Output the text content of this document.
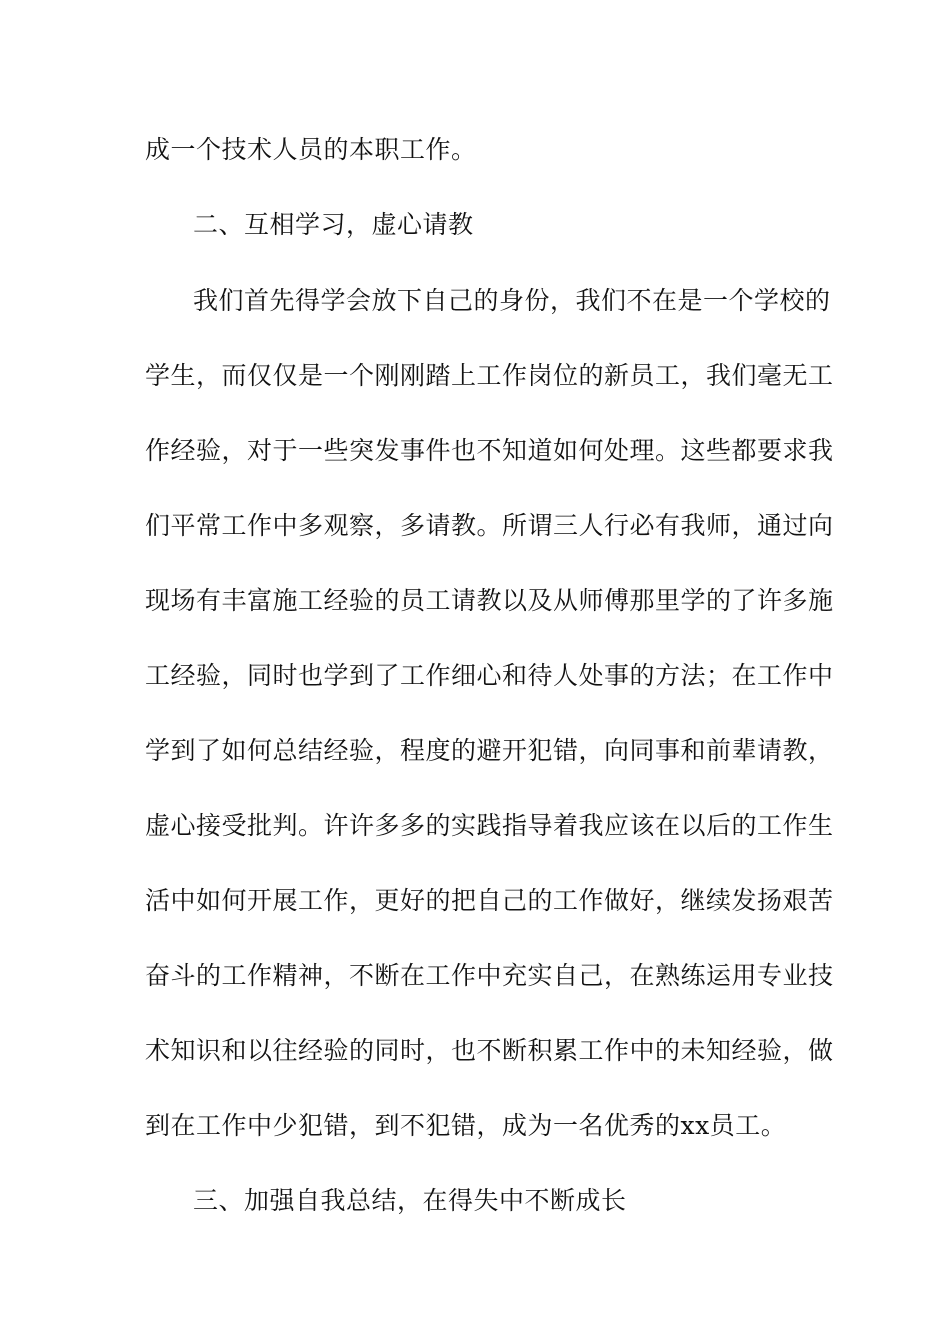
成一个技术人员的本职工作。
二、互相学习，虚心请教
我们首先得学会放下自己的身份，我们不在是一个学校的
学生，而仅仅是一个刚刚踏上工作岗位的新员工，我们毫无工
作经验，对于一些突发事件也不知道如何处理。这些都要求我
们平常工作中多观察，多请教。所谓三人行必有我师，通过向
现场有丰富施工经验的员工请教以及从师傅那里学的了许多施
工经验，同时也学到了工作细心和待人处事的方法；在工作中
学到了如何总结经验，程度的避开犯错，向同事和前辈请教，
虚心接受批判。许许多多的实践指导着我应该在以后的工作生
活中如何开展工作，更好的把自己的工作做好，继续发扬艰苦
奋斗的工作精神，不断在工作中充实自己，在熟练运用专业技
术知识和以往经验的同时，也不断积累工作中的未知经验，做
到在工作中少犯错，到不犯错，成为一名优秀的xx员工。
三、加强自我总结，在得失中不断成长
